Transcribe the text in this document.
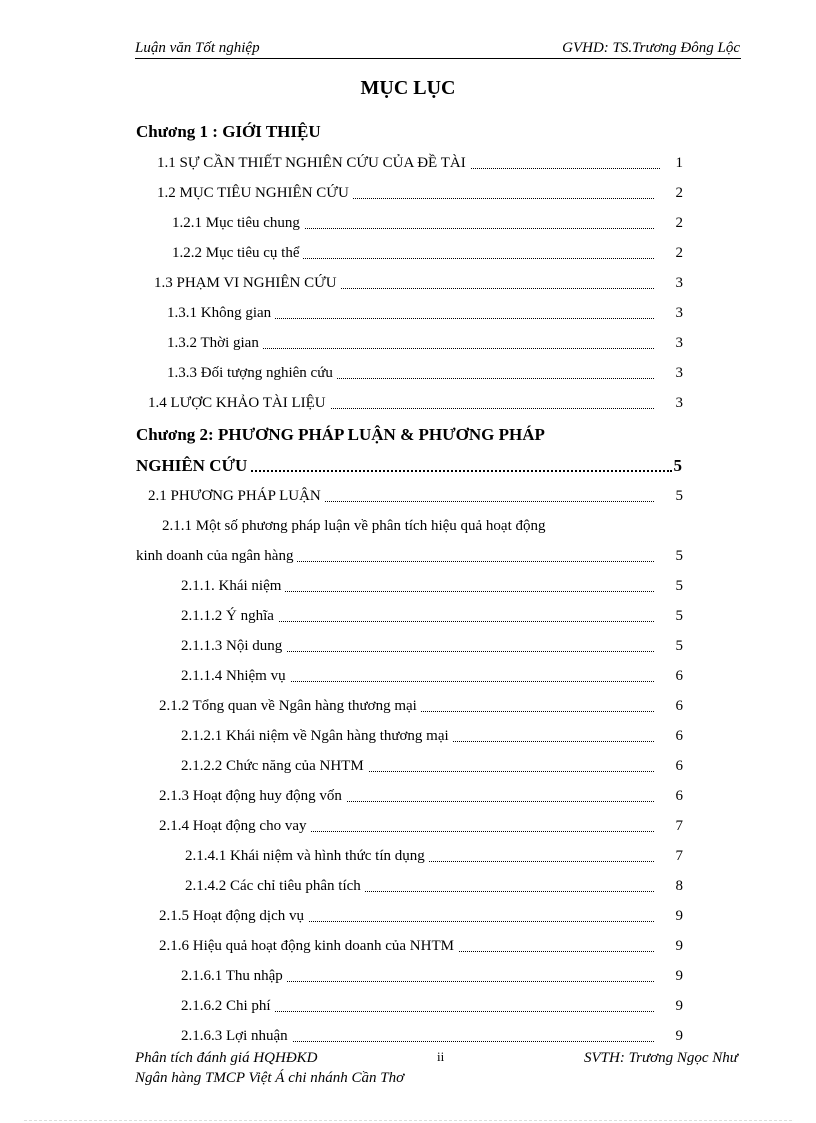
Luận văn Tốt nghiệp	GVHD: TS.Trương Đông Lộc
MỤC LỤC
Chương 1 : GIỚI THIỆU
1.1 SỰ CẦN THIẾT NGHIÊN CỨU CỦA ĐỀ TÀI	1
1.2 MỤC TIÊU NGHIÊN CỨU	2
1.2.1 Mục tiêu chung	2
1.2.2 Mục tiêu cụ thể	2
1.3 PHẠM VI NGHIÊN CỨU	3
1.3.1 Không gian	3
1.3.2 Thời gian	3
1.3.3 Đối tượng nghiên cứu	3
1.4 LƯỢC KHẢO TÀI LIỆU	3
Chương 2: PHƯƠNG PHÁP LUẬN & PHƯƠNG PHÁP
NGHIÊN CỨU	5
2.1 PHƯƠNG PHÁP LUẬN	5
2.1.1 Một số phương pháp luận về phân tích hiệu quả hoạt động
kinh doanh của ngân hàng	5
2.1.1. Khái niệm	5
2.1.1.2 Ý nghĩa	5
2.1.1.3 Nội dung	5
2.1.1.4 Nhiệm vụ	6
2.1.2 Tổng quan về Ngân hàng thương mại	6
2.1.2.1 Khái niệm về Ngân hàng thương mại	6
2.1.2.2 Chức năng của NHTM	6
2.1.3 Hoạt động huy động vốn	6
2.1.4 Hoạt động cho vay	7
2.1.4.1 Khái niệm và hình thức tín dụng	7
2.1.4.2 Các chỉ tiêu phân tích	8
2.1.5 Hoạt động dịch vụ	9
2.1.6 Hiệu quả hoạt động kinh doanh của NHTM	9
2.1.6.1 Thu nhập	9
2.1.6.2 Chi phí	9
2.1.6.3 Lợi nhuận	9
Phân tích đánh giá HQHĐKD	ii	SVTH: Trương Ngọc Như
Ngân hàng TMCP Việt Á chi nhánh Cần Thơ
